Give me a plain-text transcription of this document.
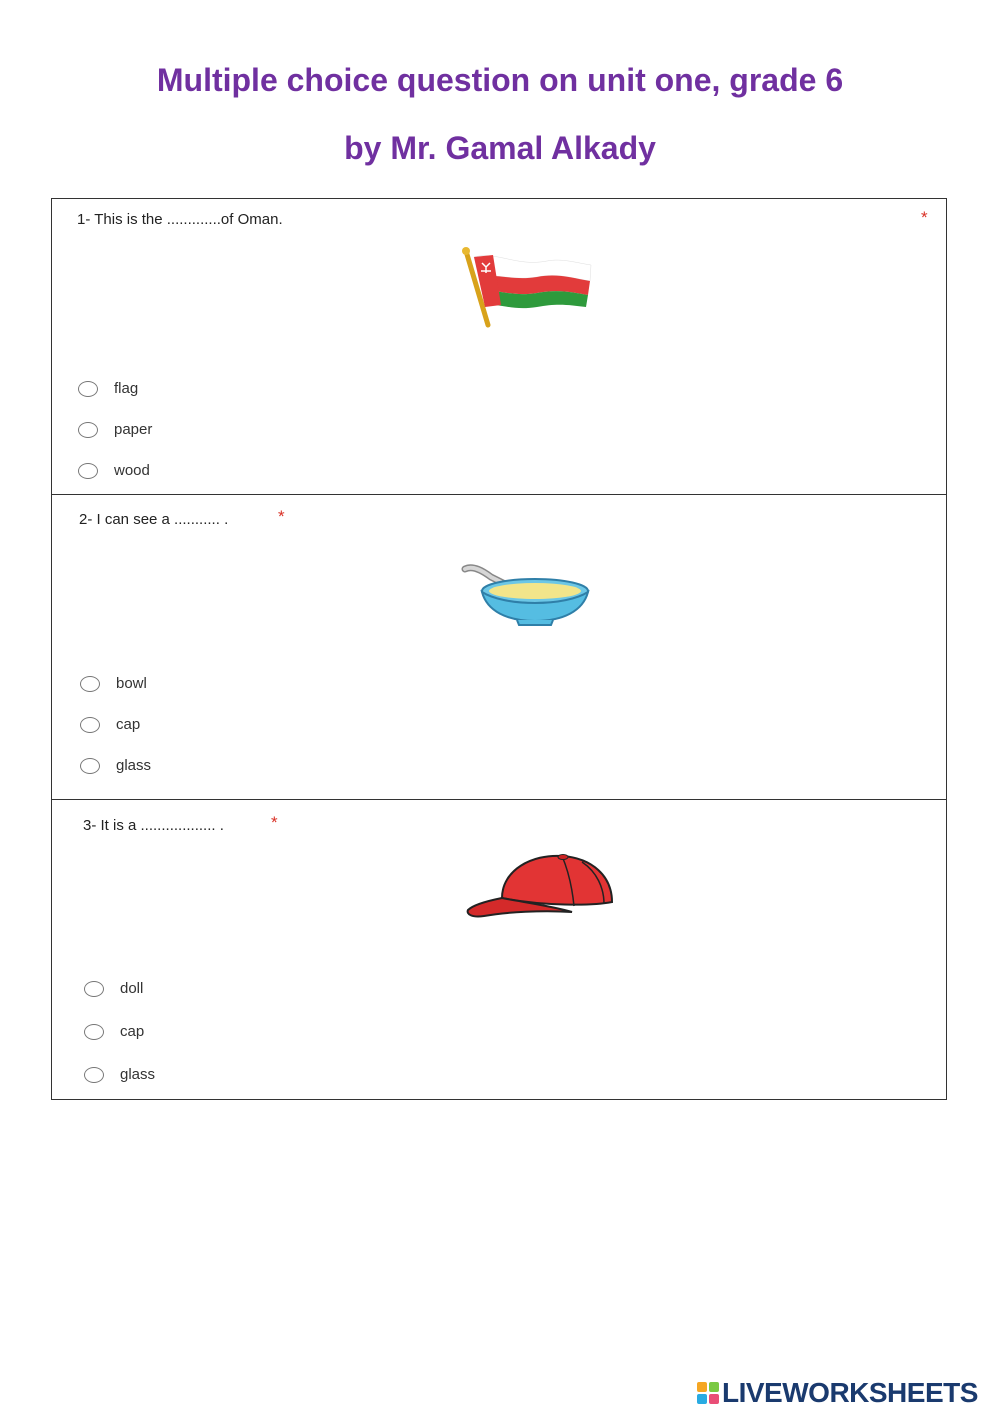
Multiple choice question on unit one, grade 6
by Mr. Gamal Alkady
1- This is the .............of Oman.	*
flag
paper
wood
2- I can see a ........... .	*
bowl
cap
glass
3- It is a .................. .	*
doll
cap
glass
LIVEWORKSHEETS
